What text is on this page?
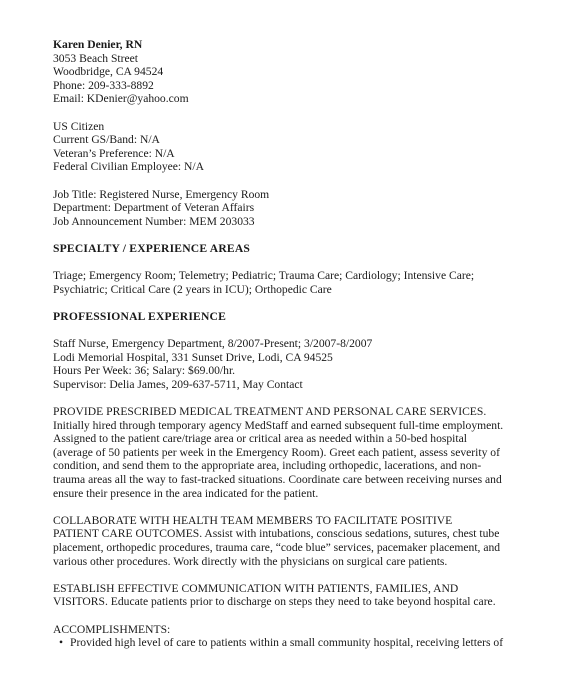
Karen Denier, RN
3053 Beach Street
Woodbridge, CA 94524
Phone: 209-333-8892
Email: KDenier@yahoo.com
US Citizen
Current GS/Band: N/A
Veteran’s Preference: N/A
Federal Civilian Employee: N/A
Job Title: Registered Nurse, Emergency Room
Department: Department of Veteran Affairs
Job Announcement Number: MEM 203033
SPECIALTY / EXPERIENCE AREAS
Triage; Emergency Room; Telemetry; Pediatric; Trauma Care; Cardiology; Intensive Care;
Psychiatric; Critical Care (2 years in ICU); Orthopedic Care
PROFESSIONAL EXPERIENCE
Staff Nurse, Emergency Department, 8/2007-Present; 3/2007-8/2007
Lodi Memorial Hospital, 331 Sunset Drive, Lodi, CA 94525
Hours Per Week: 36; Salary: $69.00/hr.
Supervisor: Delia James, 209-637-5711, May Contact
PROVIDE PRESCRIBED MEDICAL TREATMENT AND PERSONAL CARE SERVICES.
Initially hired through temporary agency MedStaff and earned subsequent full-time employment.
Assigned to the patient care/triage area or critical area as needed within a 50-bed hospital
(average of 50 patients per week in the Emergency Room). Greet each patient, assess severity of
condition, and send them to the appropriate area, including orthopedic, lacerations, and non-
trauma areas all the way to fast-tracked situations. Coordinate care between receiving nurses and
ensure their presence in the area indicated for the patient.
COLLABORATE WITH HEALTH TEAM MEMBERS TO FACILITATE POSITIVE
PATIENT CARE OUTCOMES. Assist with intubations, conscious sedations, sutures, chest tube
placement, orthopedic procedures, trauma care, “code blue” services, pacemaker placement, and
various other procedures. Work directly with the physicians on surgical care patients.
ESTABLISH EFFECTIVE COMMUNICATION WITH PATIENTS, FAMILIES, AND
VISITORS. Educate patients prior to discharge on steps they need to take beyond hospital care.
ACCOMPLISHMENTS:
• Provided high level of care to patients within a small community hospital, receiving letters of
